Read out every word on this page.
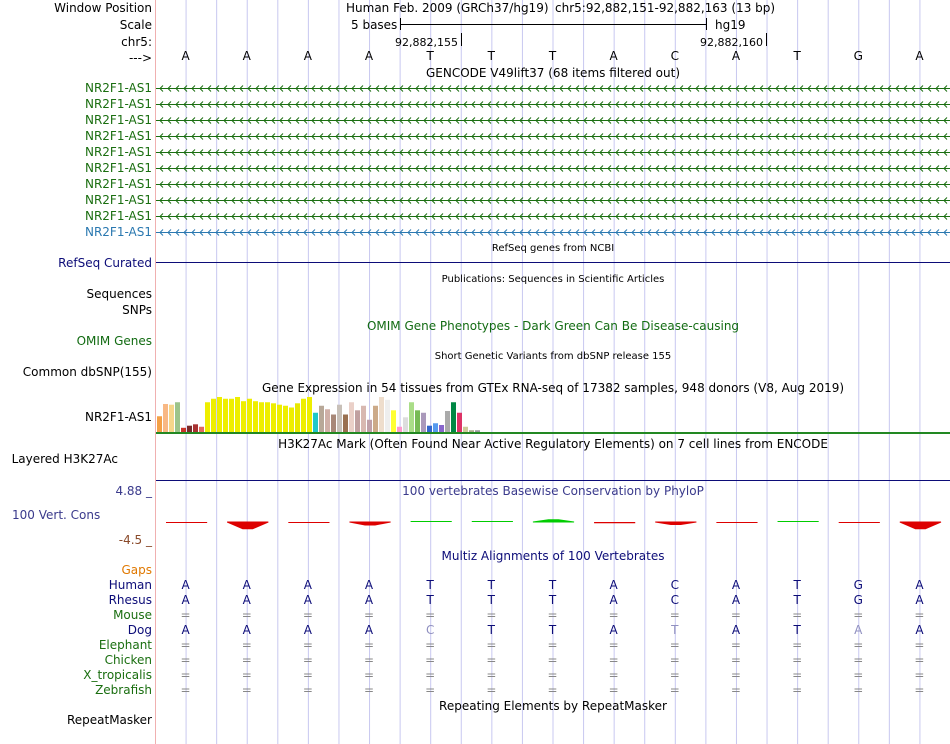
Window Position	Human Feb. 2009 (GRCh37/hg19) chr5:92,882,151-92,882,163 (13 bp)
Scale	5 bases	hg19
chr5:	92,882,155	92,882,160
--->	A	A	A	A	T	T	T	A	C	A	T	G	A
GENCODE V49lift37 (68 items filtered out)
NR2F1-AS1
NR2F1-AS1
NR2F1-AS1
NR2F1-AS1
NR2F1-AS1
NR2F1-AS1
NR2F1-AS1
NR2F1-AS1
NR2F1-AS1
NR2F1-AS1
RefSeq genes from NCBI
RefSeq Curated
Publications: Sequences in Scientific Articles
Sequences
SNPs
OMIM Gene Phenotypes - Dark Green Can Be Disease-causing
OMIM Genes
Short Genetic Variants from dbSNP release 155
Common dbSNP(155)
Gene Expression in 54 tissues from GTEx RNA-seq of 17382 samples, 948 donors (V8, Aug 2019)
NR2F1-AS1
H3K27Ac Mark (Often Found Near Active Regulatory Elements) on 7 cell lines from ENCODE
Layered H3K27Ac
100 vertebrates Basewise Conservation by PhyloP
4.88 _
100 Vert. Cons
-4.5 _
Multiz Alignments of 100 Vertebrates
Gaps
Human	A	A	A	A	T	T	T	A	C	A	T	G	A
Rhesus	A	A	A	A	T	T	T	A	C	A	T	G	A
Mouse =	=	=	=	=	=	=	=	=	=	=	=	=
Dog	A	A	A	A	C	T	T	A	T	A	T	A	A
Elephant =	=	=	=	=	=	=	=	=	=	=	=	=
Chicken =	=	=	=	=	=	=	=	=	=	=	=	=
X_tropicalis =	=	=	=	=	=	=	=	=	=	=	=	=
Zebrafish =	=	=	=	=	=	=	=	=	=	=	=	=
Repeating Elements by RepeatMasker
RepeatMasker
